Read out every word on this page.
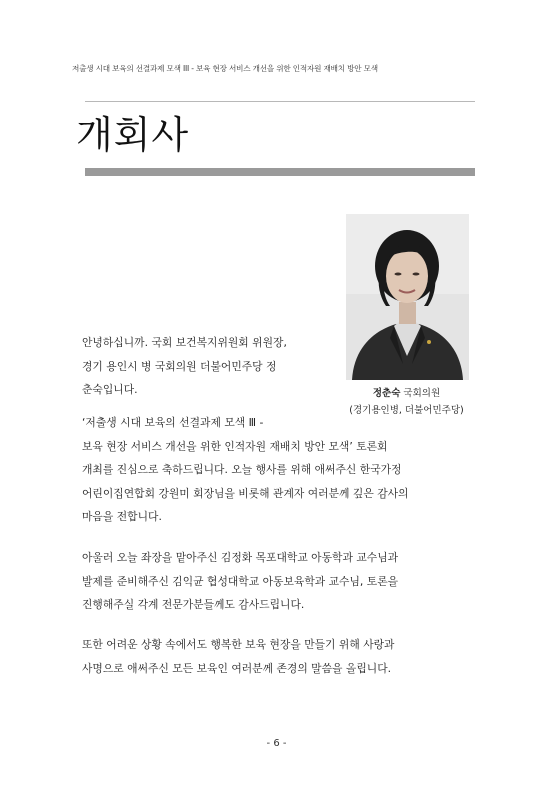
저출생 시대 보육의 선결과제 모색 III - 보육 현장 서비스 개선을 위한 인적자원 재배치 방안 모색
개회사
정춘숙 국회의원
(경기용인병, 더불어민주당)
안녕하십니까. 국회 보건복지위원회 위원장,
경기 용인시 병 국회의원 더불어민주당 정
춘숙입니다.
‘저출생 시대 보육의 선결과제 모색 Ⅲ -
보육 현장 서비스 개선을 위한 인적자원 재배치 방안 모색’ 토론회
개최를 진심으로 축하드립니다. 오늘 행사를 위해 애써주신 한국가정
어린이집연합회 강원미 회장님을 비롯해 관계자 여러분께 깊은 감사의
마음을 전합니다.
아울러 오늘 좌장을 맡아주신 김정화 목포대학교 아동학과 교수님과
발제를 준비해주신 김익균 협성대학교 아동보육학과 교수님, 토론을
진행해주실 각계 전문가분들께도 감사드립니다.
또한 어려운 상황 속에서도 행복한 보육 현장을 만들기 위해 사랑과
사명으로 애써주신 모든 보육인 여러분께 존경의 말씀을 올립니다.
- 6 -
